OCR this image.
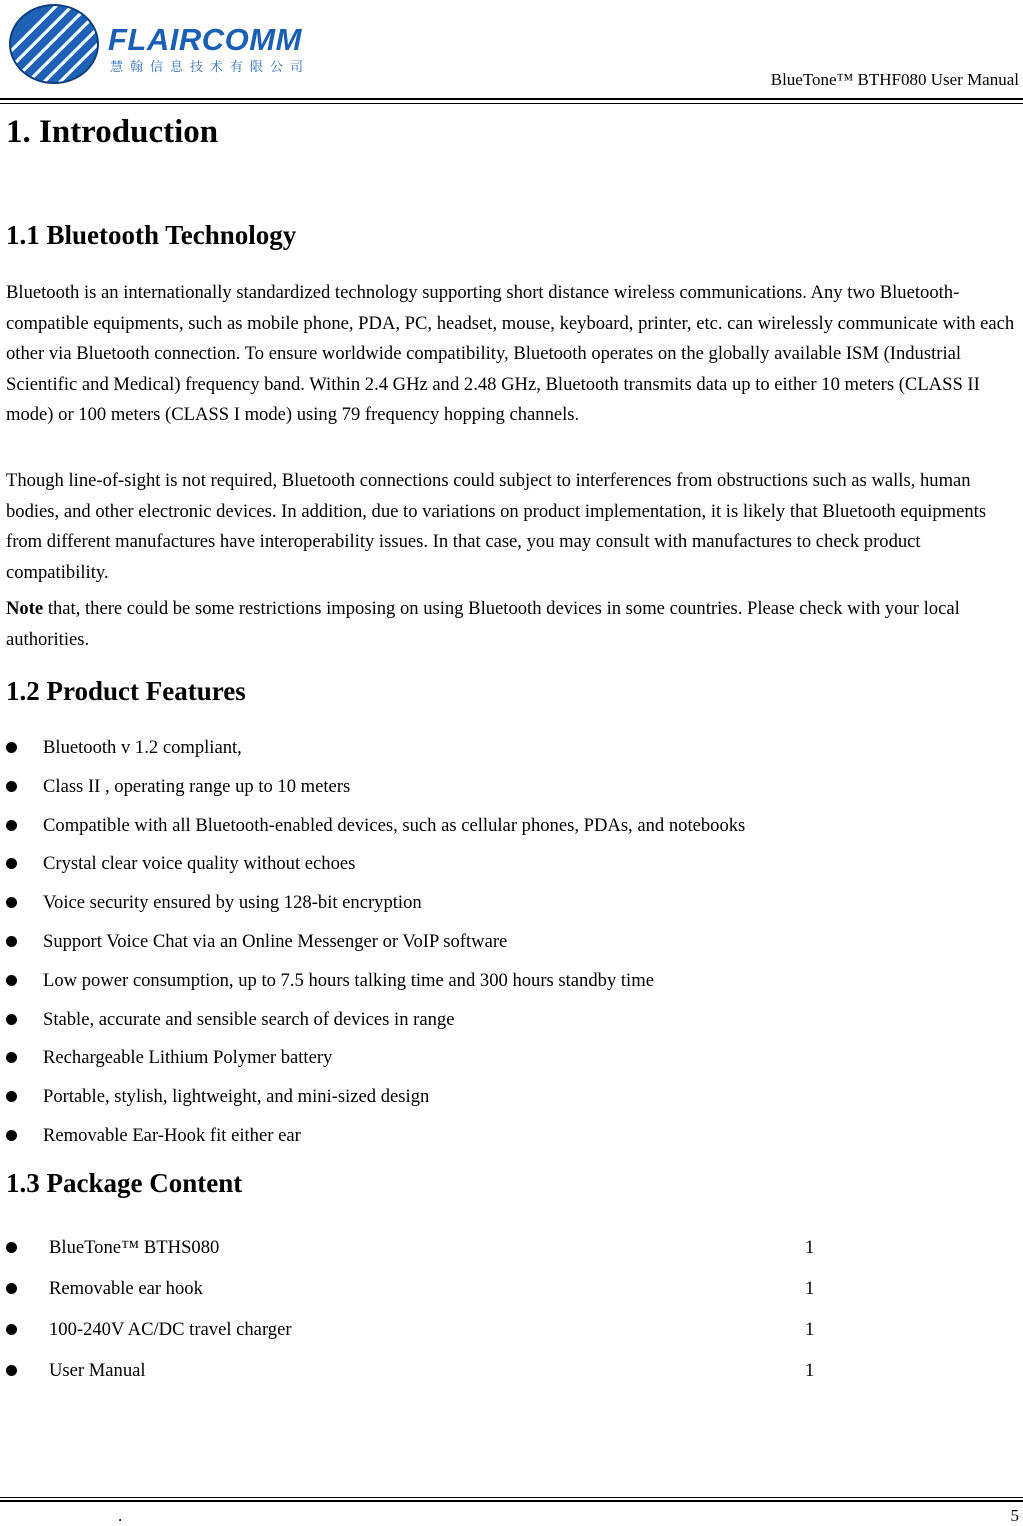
FLAIRCOMM
慧翰信息技术有限公司
BlueTone™ BTHF080 User Manual
1. Introduction
1.1 Bluetooth Technology

Bluetooth is an internationally standardized technology supporting short distance wireless communications. Any two Bluetooth-compatible equipments, such as mobile phone, PDA, PC, headset, mouse, keyboard, printer, etc. can wirelessly communicate with each other via Bluetooth connection. To ensure worldwide compatibility, Bluetooth operates on the globally available ISM (Industrial Scientific and Medical) frequency band. Within 2.4 GHz and 2.48 GHz, Bluetooth transmits data up to either 10 meters (CLASS II mode) or 100 meters (CLASS I mode) using 79 frequency hopping channels.

Though line-of-sight is not required, Bluetooth connections could subject to interferences from obstructions such as walls, human bodies, and other electronic devices. In addition, due to variations on product implementation, it is likely that Bluetooth equipments from different manufactures have interoperability issues. In that case, you may consult with manufactures to check product compatibility.

Note that, there could be some restrictions imposing on using Bluetooth devices in some countries. Please check with your local authorities.

1.2 Product Features
Bluetooth v 1.2 compliant,
Class II , operating range up to 10 meters
Compatible with all Bluetooth-enabled devices, such as cellular phones, PDAs, and notebooks
Crystal clear voice quality without echoes
Voice security ensured by using 128-bit encryption
Support Voice Chat via an Online Messenger or VoIP software
Low power consumption, up to 7.5 hours talking time and 300 hours standby time
Stable, accurate and sensible search of devices in range
Rechargeable Lithium Polymer battery
Portable, stylish, lightweight, and mini-sized design
Removable Ear-Hook fit either ear
1.3 Package Content
BlueTone™ BTHS080	1
Removable ear hook	1
100-240V AC/DC travel charger	1
User Manual	1
.	5
